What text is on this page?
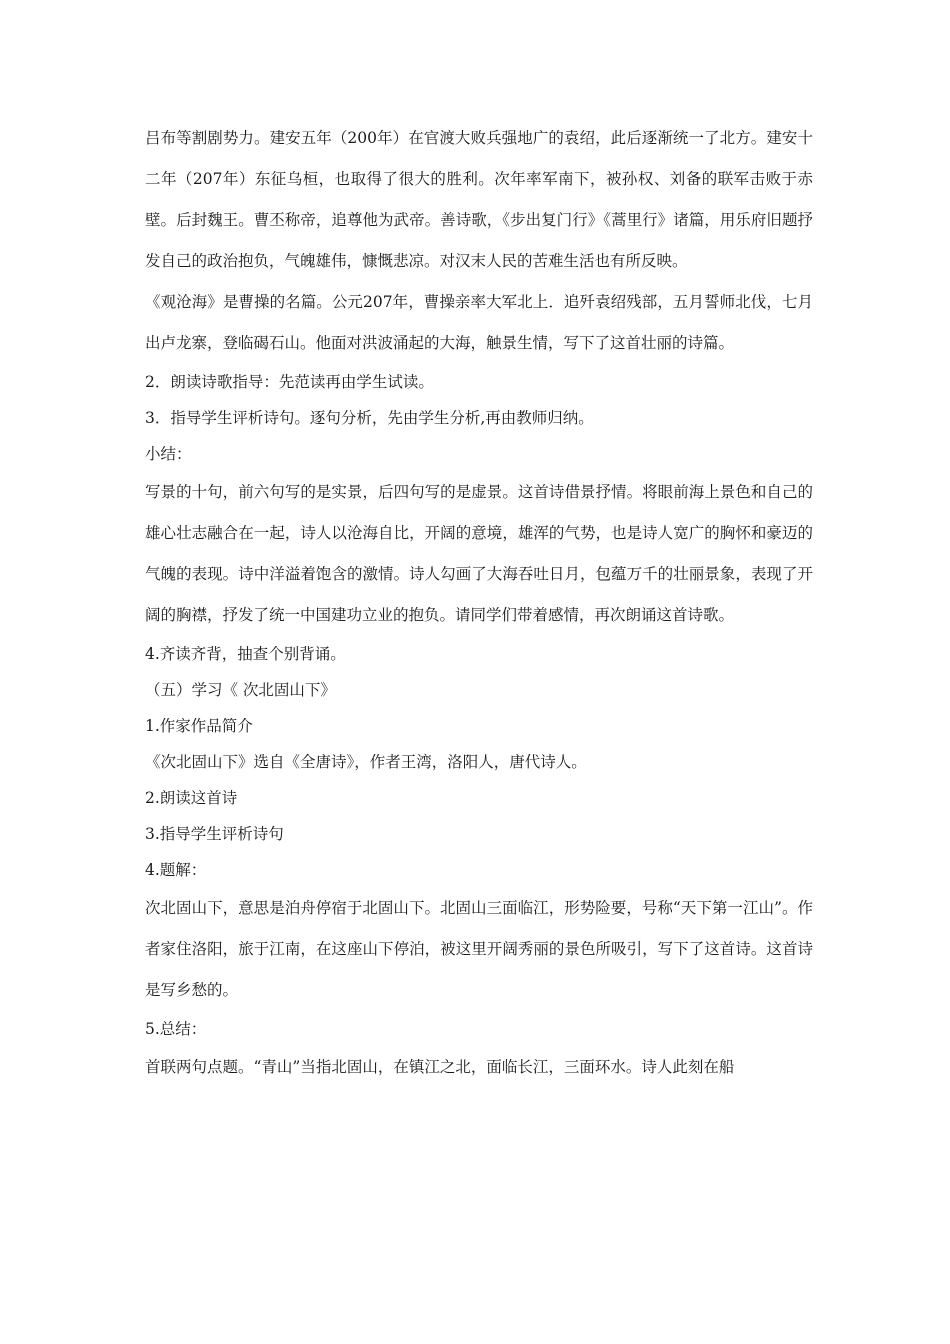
吕布等割剧势力。建安五年（200年）在官渡大败兵强地广的袁绍，此后逐渐统一了北方。建安十二年（207年）东征乌桓，也取得了很大的胜利。次年率军南下，被孙权、刘备的联军击败于赤壁。后封魏王。曹丕称帝，追尊他为武帝。善诗歌，《步出复门行》《蒿里行》诸篇，用乐府旧题抒发自己的政治抱负，气魄雄伟，慷慨悲凉。对汉末人民的苦难生活也有所反映。
《观沧海》是曹操的名篇。公元207年，曹操亲率大军北上．追歼袁绍残部，五月誓师北伐，七月出卢龙寨，登临碣石山。他面对洪波涌起的大海，触景生情，写下了这首壮丽的诗篇。
2．朗读诗歌指导：先范读再由学生试读。
3．指导学生评析诗句。逐句分析，先由学生分析,再由教师归纳。
小结：
写景的十句，前六句写的是实景，后四句写的是虚景。这首诗借景抒情。将眼前海上景色和自己的雄心壮志融合在一起，诗人以沧海自比，开阔的意境，雄浑的气势，也是诗人宽广的胸怀和豪迈的气魄的表现。诗中洋溢着饱含的激情。诗人勾画了大海吞吐日月，包蕴万千的壮丽景象，表现了开阔的胸襟，抒发了统一中国建功立业的抱负。请同学们带着感情，再次朗诵这首诗歌。
4.齐读齐背，抽查个别背诵。
（五）学习《 次北固山下》
1.作家作品简介
《次北固山下》选自《全唐诗》，作者王湾，洛阳人，唐代诗人。
2.朗读这首诗
3.指导学生评析诗句
4.题解：
次北固山下，意思是泊舟停宿于北固山下。北固山三面临江，形势险要，号称“天下第一江山”。作者家住洛阳，旅于江南，在这座山下停泊，被这里开阔秀丽的景色所吸引，写下了这首诗。这首诗是写乡愁的。
5.总结：
首联两句点题。“青山”当指北固山，在镇江之北，面临长江，三面环水。诗人此刻在船
